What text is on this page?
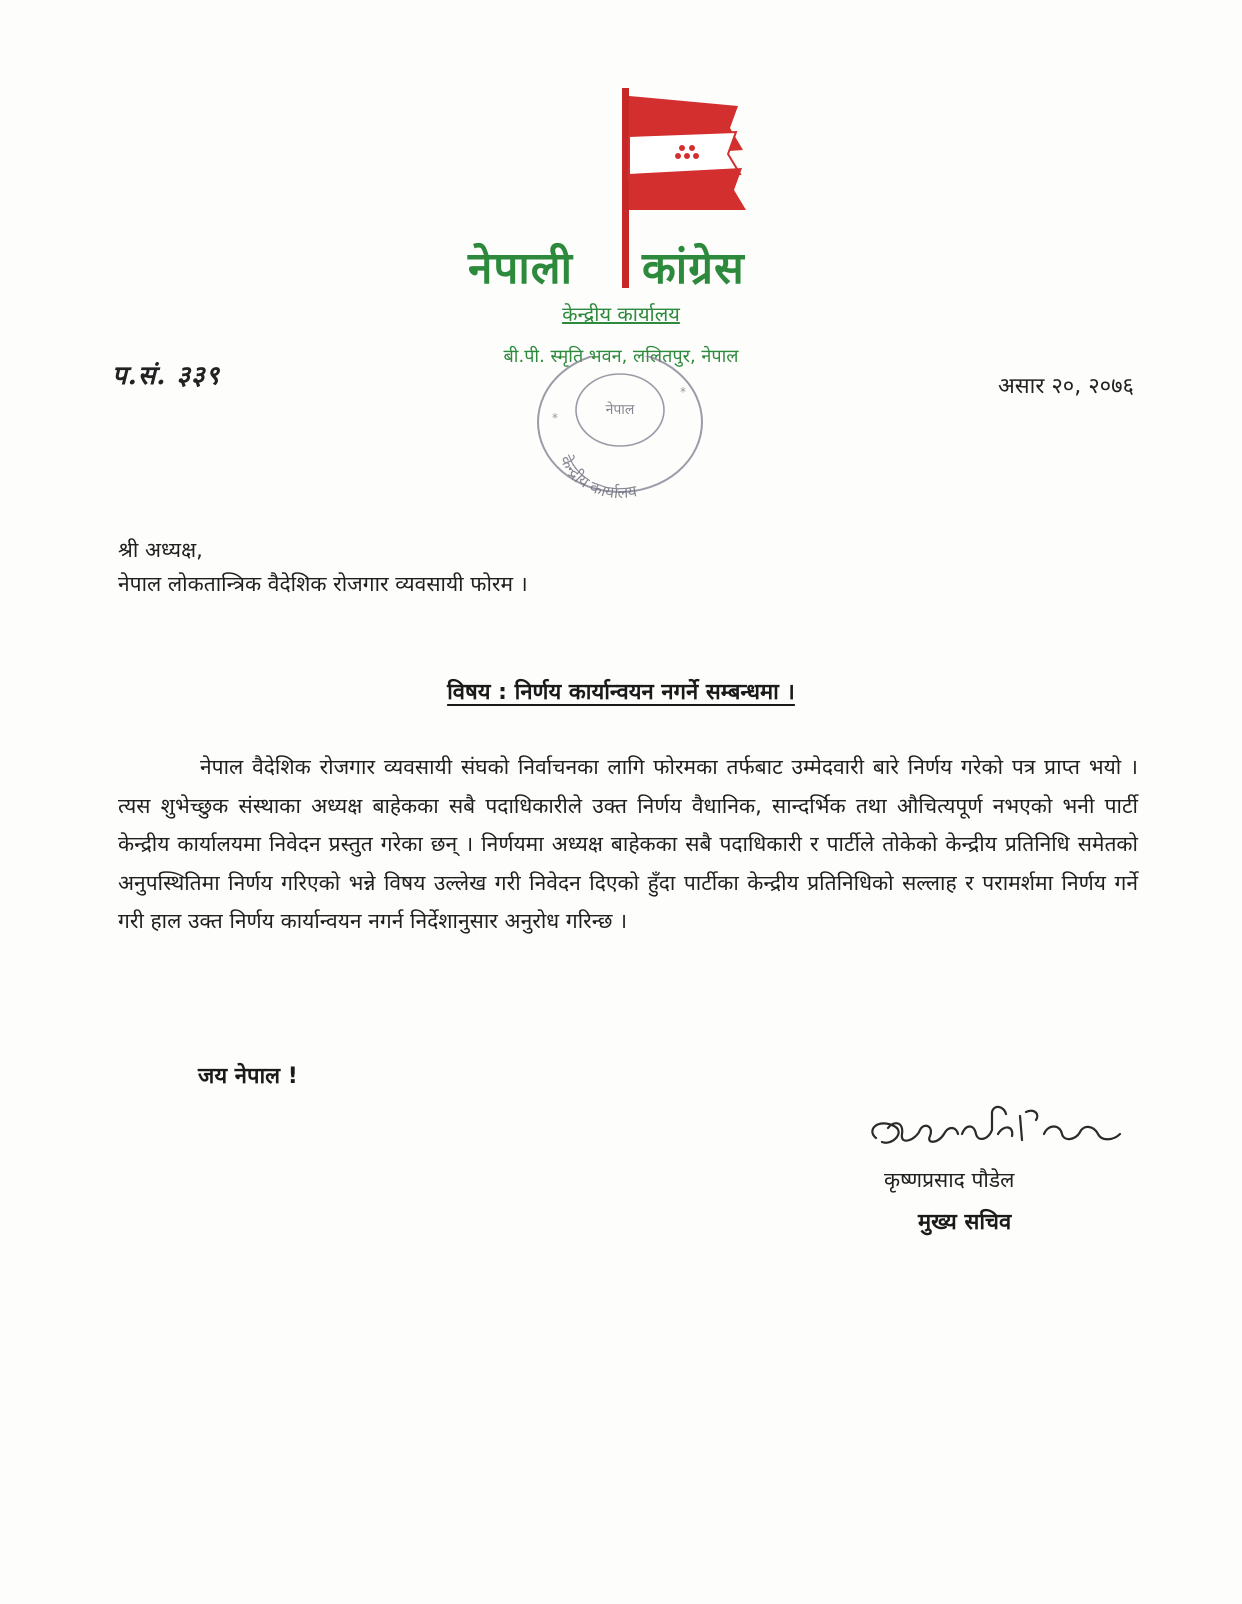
नेपाली कांग्रेस
केन्द्रीय कार्यालय
बी.पी. स्मृति भवन, ललितपुर, नेपाल
नेपाल
केन्द्रीय कार्यालय
*
*
प.सं. ३३९	असार २०, २०७६
श्री अध्यक्ष,
नेपाल लोकतान्त्रिक वैदेशिक रोजगार व्यवसायी फोरम ।
विषय : निर्णय कार्यान्वयन नगर्ने सम्बन्धमा ।
नेपाल वैदेशिक रोजगार व्यवसायी संघको निर्वाचनका लागि फोरमका तर्फबाट उम्मेदवारी बारे निर्णय गरेको पत्र प्राप्त भयो । त्यस शुभेच्छुक संस्थाका अध्यक्ष बाहेकका सबै पदाधिकारीले उक्त निर्णय वैधानिक, सान्दर्भिक तथा औचित्यपूर्ण नभएको भनी पार्टी केन्द्रीय कार्यालयमा निवेदन प्रस्तुत गरेका छन् । निर्णयमा अध्यक्ष बाहेकका सबै पदाधिकारी र पार्टीले तोकेको केन्द्रीय प्रतिनिधि समेतको अनुपस्थितिमा निर्णय गरिएको भन्ने विषय उल्लेख गरी निवेदन दिएको हुँदा पार्टीका केन्द्रीय प्रतिनिधिको सल्लाह र परामर्शमा निर्णय गर्ने गरी हाल उक्त निर्णय कार्यान्वयन नगर्न निर्देशानुसार अनुरोध गरिन्छ ।
जय नेपाल !
कृष्णप्रसाद पौडेल
मुख्य सचिव
